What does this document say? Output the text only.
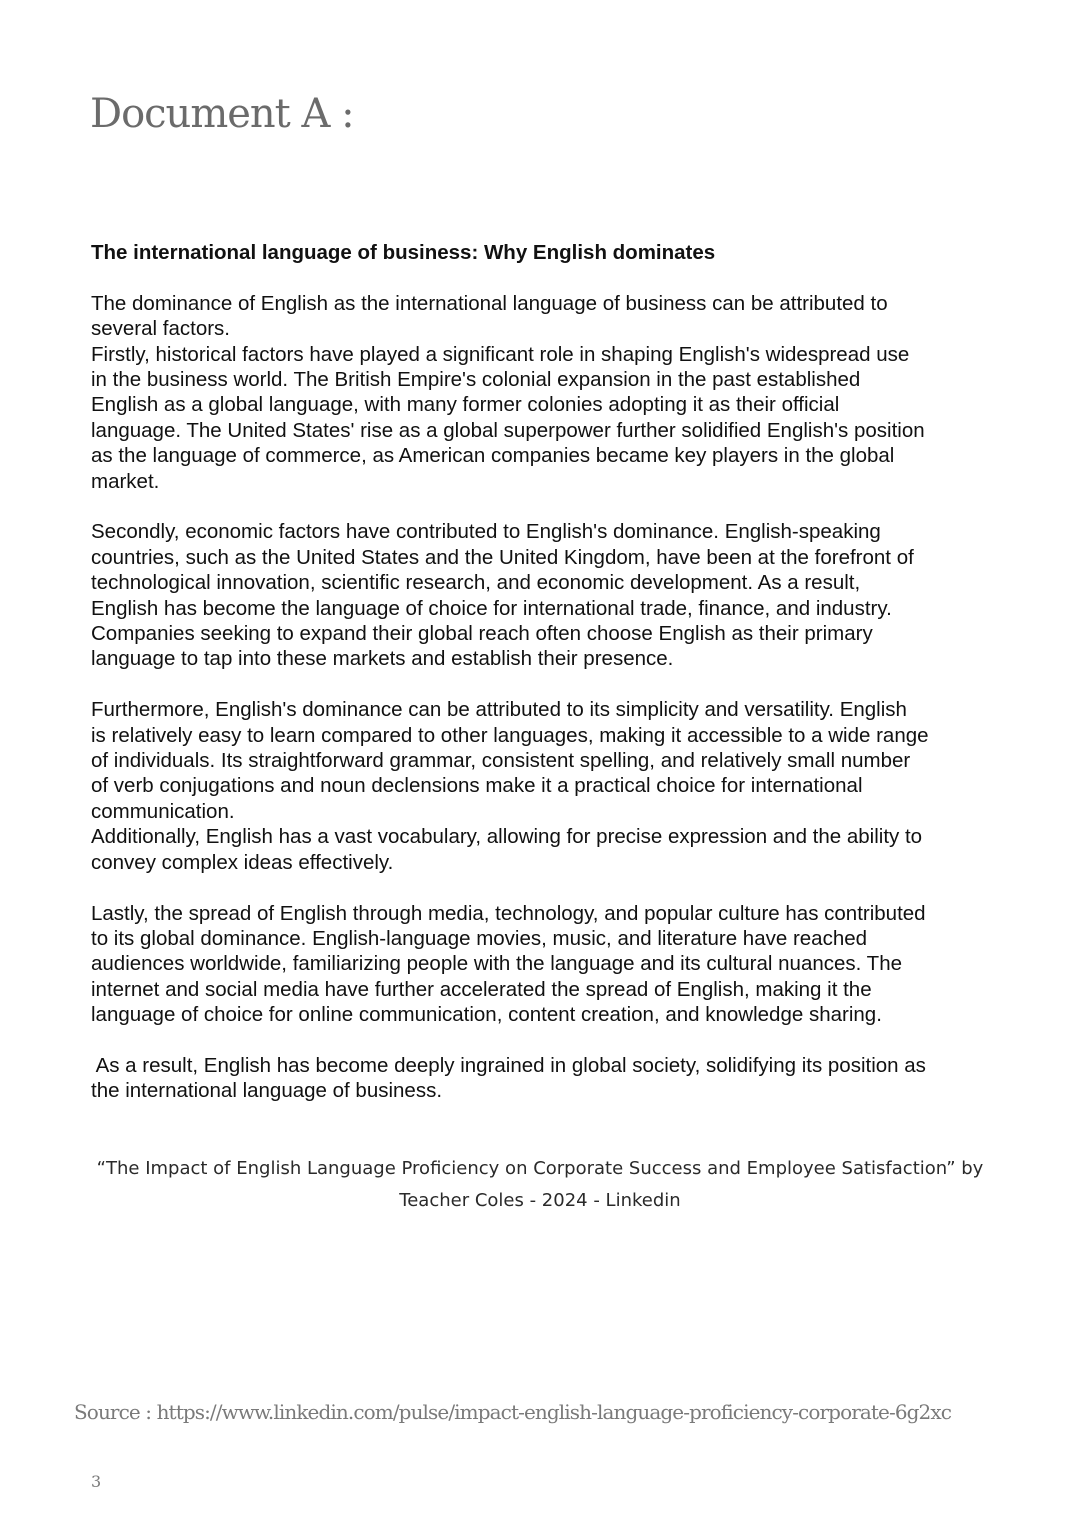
Document A :
The international language of business: Why English dominates
The dominance of English as the international language of business can be attributed to
several factors.
Firstly, historical factors have played a significant role in shaping English's widespread use
in the business world. The British Empire's colonial expansion in the past established
English as a global language, with many former colonies adopting it as their official
language. The United States' rise as a global superpower further solidified English's position
as the language of commerce, as American companies became key players in the global
market.
Secondly, economic factors have contributed to English's dominance. English-speaking
countries, such as the United States and the United Kingdom, have been at the forefront of
technological innovation, scientific research, and economic development. As a result,
English has become the language of choice for international trade, finance, and industry.
Companies seeking to expand their global reach often choose English as their primary
language to tap into these markets and establish their presence.
Furthermore, English's dominance can be attributed to its simplicity and versatility. English
is relatively easy to learn compared to other languages, making it accessible to a wide range
of individuals. Its straightforward grammar, consistent spelling, and relatively small number
of verb conjugations and noun declensions make it a practical choice for international
communication.
Additionally, English has a vast vocabulary, allowing for precise expression and the ability to
convey complex ideas effectively.
Lastly, the spread of English through media, technology, and popular culture has contributed
to its global dominance. English-language movies, music, and literature have reached
audiences worldwide, familiarizing people with the language and its cultural nuances. The
internet and social media have further accelerated the spread of English, making it the
language of choice for online communication, content creation, and knowledge sharing.
As a result, English has become deeply ingrained in global society, solidifying its position as
the international language of business.
“The Impact of English Language Proficiency on Corporate Success and Employee Satisfaction” by
Teacher Coles - 2024 - Linkedin
Source : https://www.linkedin.com/pulse/impact-english-language-proficiency-corporate-6g2xc
3
